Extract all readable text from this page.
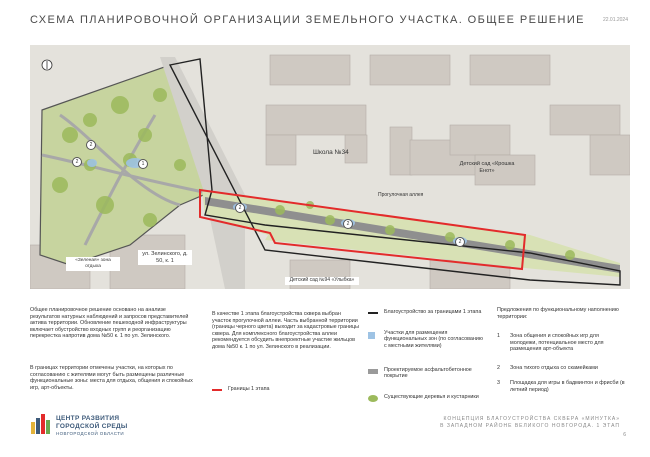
СХЕМА ПЛАНИРОВОЧНОЙ ОРГАНИЗАЦИИ ЗЕМЕЛЬНОГО УЧАСТКА. ОБЩЕЕ РЕШЕНИЕ	22.01.2024
Школа №34
Детский сад «Крошка Енот»
Прогулочная аллея
ул. Зелинского, д. 50, к. 1
«Зеленая» зона отдыха
Детский сад №94 «Улыбка»
1
2
2
2
2
2
Общее планировочное решение основано на анализе результатов натурных наблюдений и запросов представителей актива территории. Обновление пешеходной инфраструктуры включает обустройство входных групп и реорганизацию перекрестка напротив дома №50 к. 1 по ул. Зелинского.
В границах территории отмечены участки, на которых по согласованию с жителями могут быть размещены различные функциональные зоны: места для отдыха, общения и спокойных игр, арт-объекты.
В качестве 1 этапа благоустройства сквера выбран участок прогулочной аллеи. Часть выбранной территории (границы черного цвета) выходит за кадастровые границы сквера. Для комплексного благоустройства аллеи рекомендуется обсудить внепроектные участие жильцов дома №50 к. 1 по ул. Зелинского в реализации.
Границы 1 этапа
Благоустройство за границами 1 этапа
Участки для размещения функциональных зон (по согласованию с местными жителями)
Проектируемое асфальтобетонное покрытие
Существующие деревья и кустарники
Предложения по функциональному наполнению территории:
1	Зона общения и спокойных игр для молодежи, потенциальное место для размещения арт-объекта
2	Зона тихого отдыха со скамейками
3	Площадка для игры в бадминтон и фрисби (в летний период)
ЦЕНТР РАЗВИТИЯ
ГОРОДСКОЙ СРЕДЫ
НОВГОРОДСКОЙ ОБЛАСТИ
КОНЦЕПЦИЯ БЛАГОУСТРОЙСТВА СКВЕРА «МИНУТКА»
В ЗАПАДНОМ РАЙОНЕ ВЕЛИКОГО НОВГОРОДА. 1 ЭТАП
6
